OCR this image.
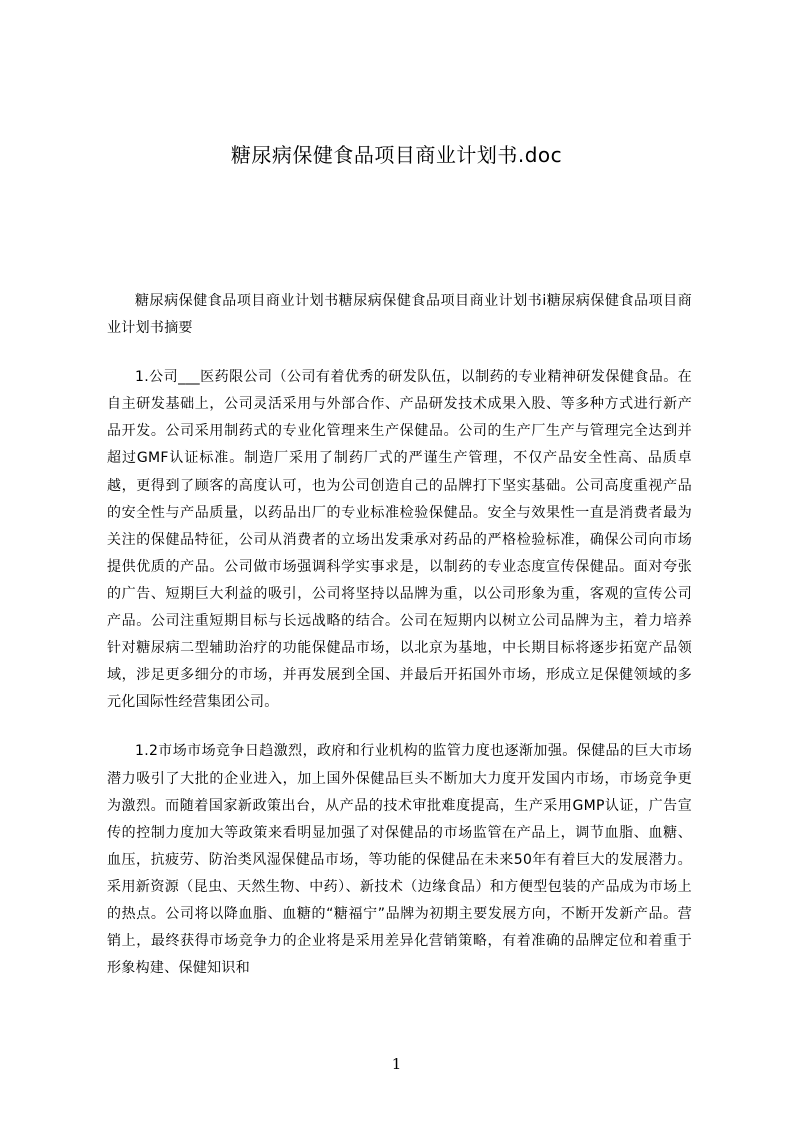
糖尿病保健食品项目商业计划书.doc

糖尿病保健食品项目商业计划书糖尿病保健食品项目商业计划书ⅰ糖尿病保健食品项目商业计划书摘要

1.公司___医药限公司（公司有着优秀的研发队伍，以制药的专业精神研发保健食品。在自主研发基础上，公司灵活采用与外部合作、产品研发技术成果入股、等多种方式进行新产品开发。公司采用制药式的专业化管理来生产保健品。公司的生产厂生产与管理完全达到并超过GMF认证标准。制造厂采用了制药厂式的严谨生产管理，不仅产品安全性高、品质卓越，更得到了顾客的高度认可，也为公司创造自己的品牌打下坚实基础。公司高度重视产品的安全性与产品质量，以药品出厂的专业标准检验保健品。安全与效果性一直是消费者最为关注的保健品特征，公司从消费者的立场出发秉承对药品的严格检验标准，确保公司向市场提供优质的产品。公司做市场强调科学实事求是，以制药的专业态度宣传保健品。面对夸张的广告、短期巨大利益的吸引，公司将坚持以品牌为重，以公司形象为重，客观的宣传公司产品。公司注重短期目标与长远战略的结合。公司在短期内以树立公司品牌为主，着力培养针对糖尿病二型辅助治疗的功能保健品市场，以北京为基地，中长期目标将逐步拓宽产品领域，涉足更多细分的市场，并再发展到全国、并最后开拓国外市场，形成立足保健领域的多元化国际性经营集团公司。

1.2市场市场竞争日趋激烈，政府和行业机构的监管力度也逐渐加强。保健品的巨大市场潜力吸引了大批的企业进入，加上国外保健品巨头不断加大力度开发国内市场，市场竞争更为激烈。而随着国家新政策出台，从产品的技术审批难度提高，生产采用GMP认证，广告宣传的控制力度加大等政策来看明显加强了对保健品的市场监管在产品上，调节血脂、血糖、血压，抗疲劳、防治类风湿保健品市场，等功能的保健品在未来50年有着巨大的发展潜力。采用新资源（昆虫、天然生物、中药）、新技术（边缘食品）和方便型包装的产品成为市场上的热点。公司将以降血脂、血糖的“糖福宁”品牌为初期主要发展方向，不断开发新产品。营销上，最终获得市场竞争力的企业将是采用差异化营销策略，有着准确的品牌定位和着重于形象构建、保健知识和

1
